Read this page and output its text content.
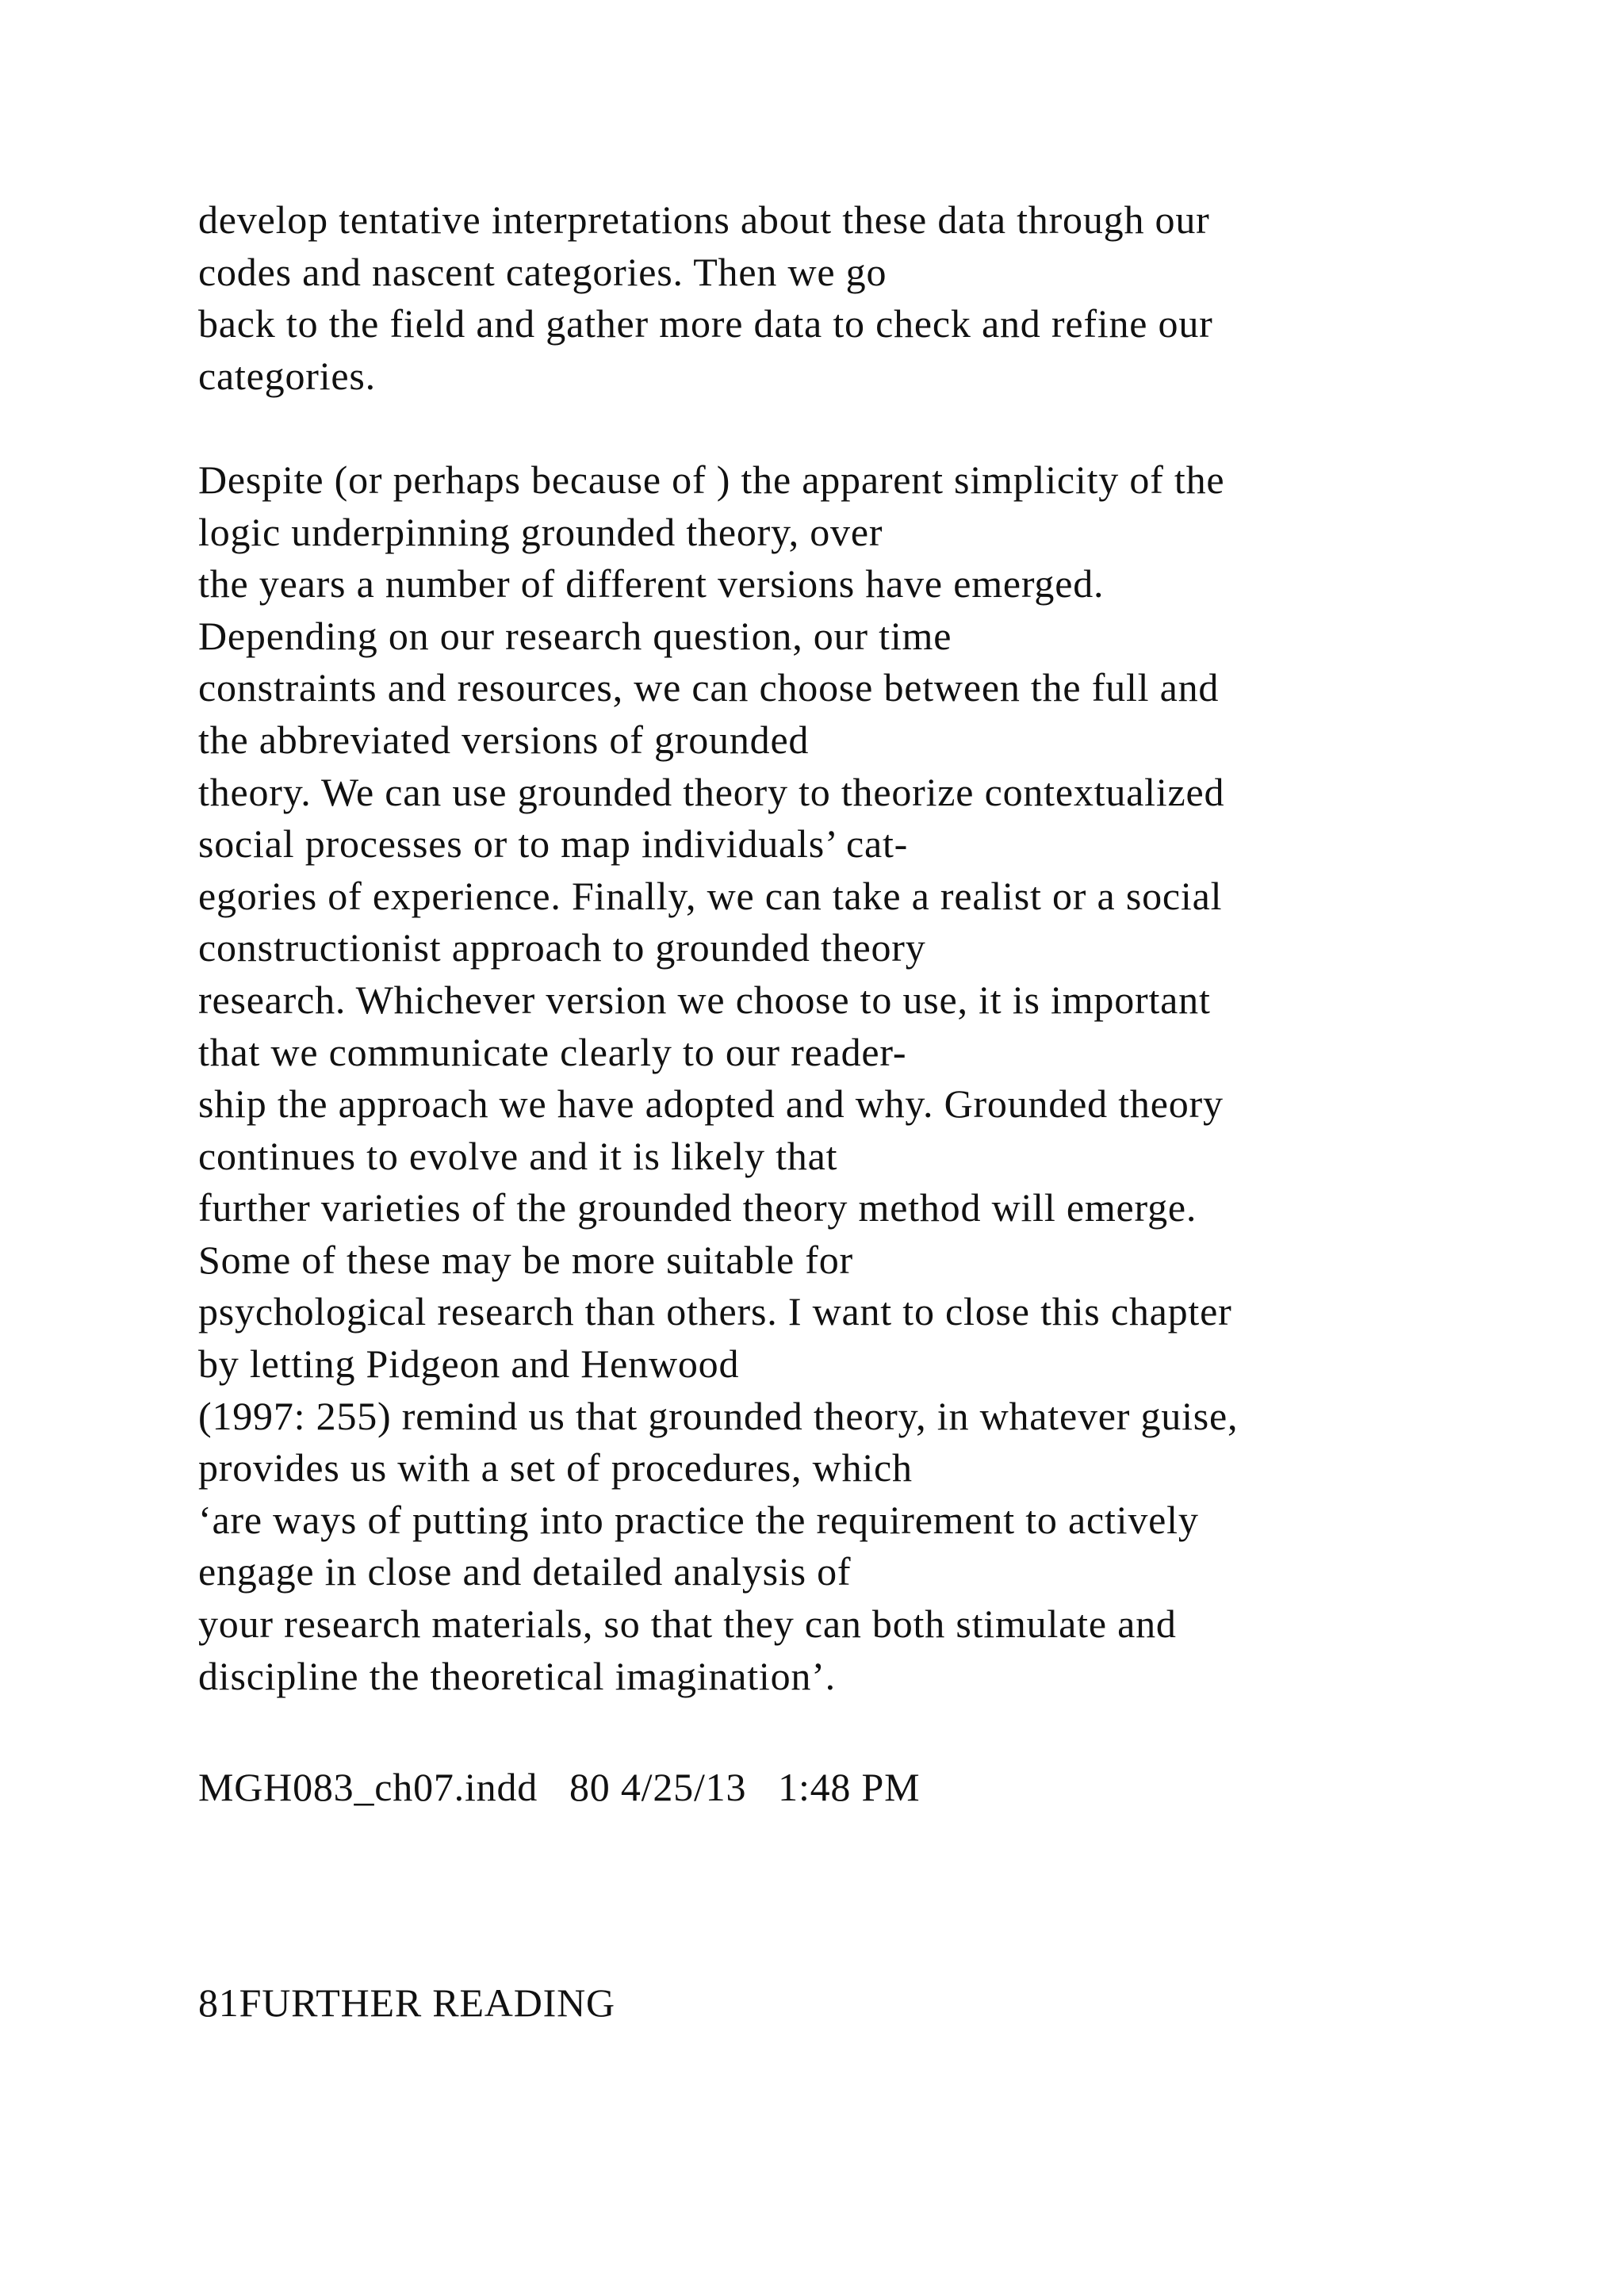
develop tentative interpretations about these data through our
codes and nascent categories. Then we go
back to the field and gather more data to check and refine our
categories.
Despite (or perhaps because of ) the apparent simplicity of the
logic underpinning grounded theory, over
the years a number of different versions have emerged.
Depending on our research question, our time
constraints and resources, we can choose between the full and
the abbreviated versions of grounded
theory. We can use grounded theory to theorize contextualized
social processes or to map individuals’ cat-
egories of experience. Finally, we can take a realist or a social
constructionist approach to grounded theory
research. Whichever version we choose to use, it is important
that we communicate clearly to our reader-
ship the approach we have adopted and why. Grounded theory
continues to evolve and it is likely that
further varieties of the grounded theory method will emerge.
Some of these may be more suitable for
psychological research than others. I want to close this chapter
by letting Pidgeon and Henwood
(1997: 255) remind us that grounded theory, in whatever guise,
provides us with a set of procedures, which
‘are ways of putting into practice the requirement to actively
engage in close and detailed analysis of
your research materials, so that they can both stimulate and
discipline the theoretical imagination’.
MGH083_ch07.indd   80 4/25/13   1:48 PM
81FURTHER READING
